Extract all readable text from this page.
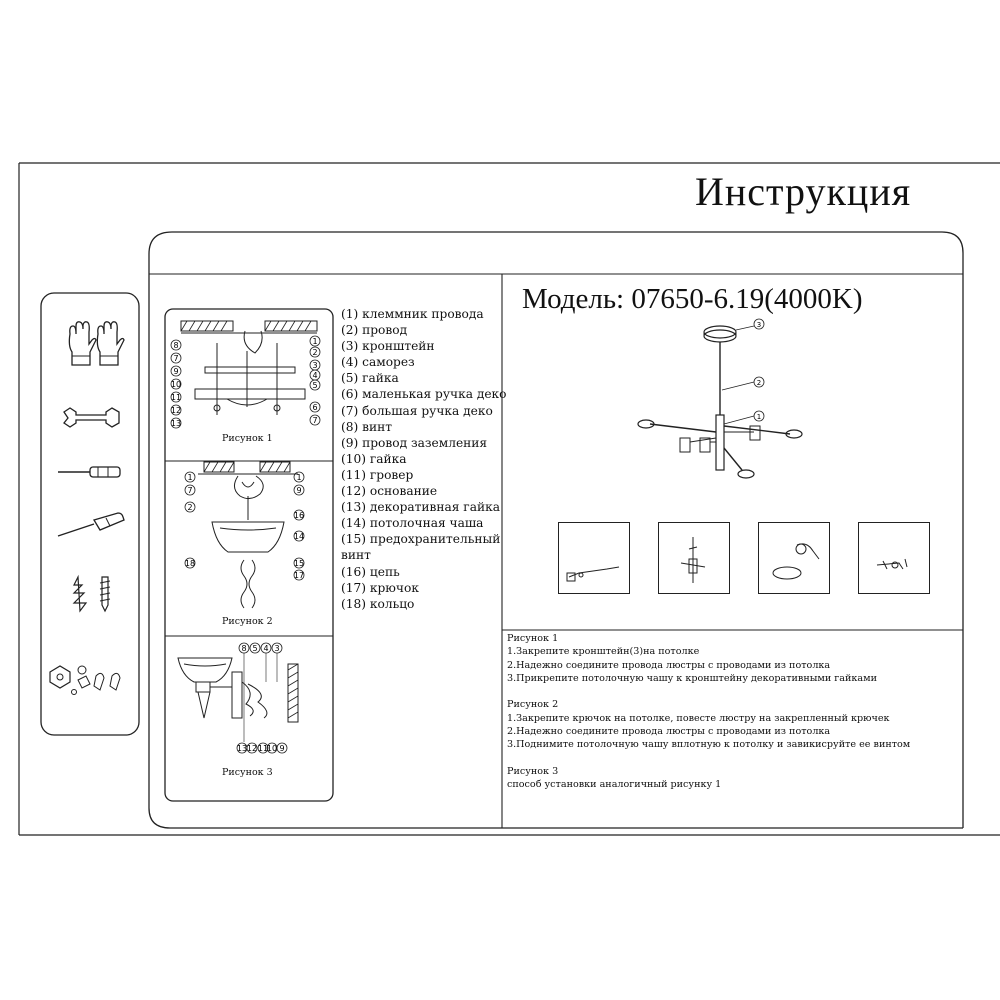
Инструкция
8
7
9
10
11
12
13
1
2
3
4
5
6
7
Рисунок 1
1
7
2
1
9
16
14
18	15
17
Рисунок 2
8 5 4 3
13 12 11
10 9
Рисунок 3
(1) клеммник провода
(2) провод
(3) кронштейн
(4) саморез
(5) гайка
(6) маленькая ручка деко
(7) большая ручка деко
(8) винт
(9) провод заземления
(10) гайка
(11) гровер
(12) основание
(13) декоративная гайка
(14) потолочная чаша
(15) предохранительный
винт
(16) цепь
(17) крючок
(18) кольцо
Модель: 07650-6.19(4000K)
3
2
1
Рисунок 1
1.Закрепите кронштейн(3)на потолке
2.Надежно соедините провода люстры с проводами из потолка
3.Прикрепите потолочную чашу к кронштейну декоративными гайками
Рисунок 2
1.Закрепите крючок на потолке, повесте люстру на закрепленный крючек
2.Надежно соедините провода люстры с проводами из потолка
3.Поднимите потолочную чашу вплотную к потолку и завикисруйте ее винтом
Рисунок 3
способ установки аналогичный рисунку 1
